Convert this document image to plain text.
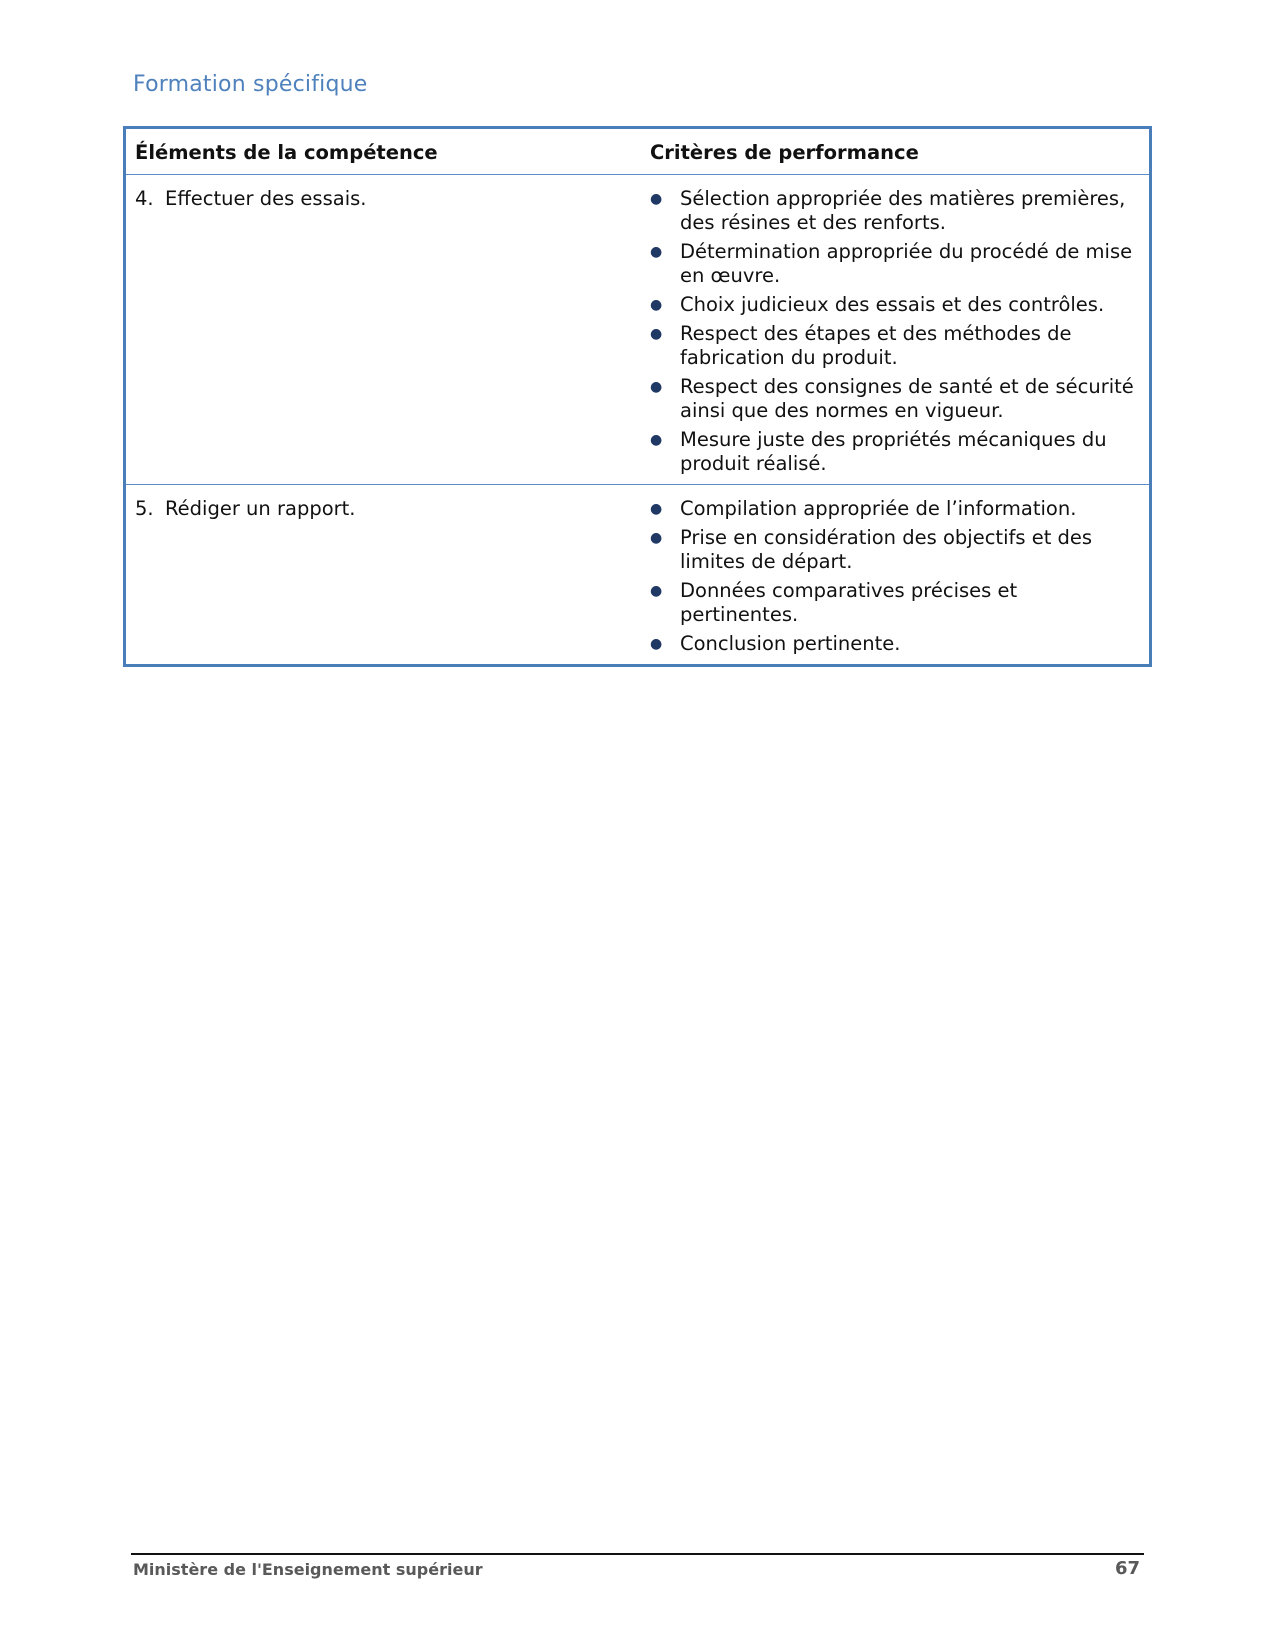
Formation spécifique
Éléments de la compétence	Critères de performance
4. Effectuer des essais.	● Sélection appropriée des matières premières, des résines et des renforts.
● Détermination appropriée du procédé de mise en œuvre.
● Choix judicieux des essais et des contrôles.
● Respect des étapes et des méthodes de fabrication du produit.
● Respect des consignes de santé et de sécurité ainsi que des normes en vigueur.
● Mesure juste des propriétés mécaniques du produit réalisé.
5. Rédiger un rapport.	● Compilation appropriée de l’information.
● Prise en considération des objectifs et des limites de départ.
● Données comparatives précises et pertinentes.
● Conclusion pertinente.
Ministère de l'Enseignement supérieur	67
